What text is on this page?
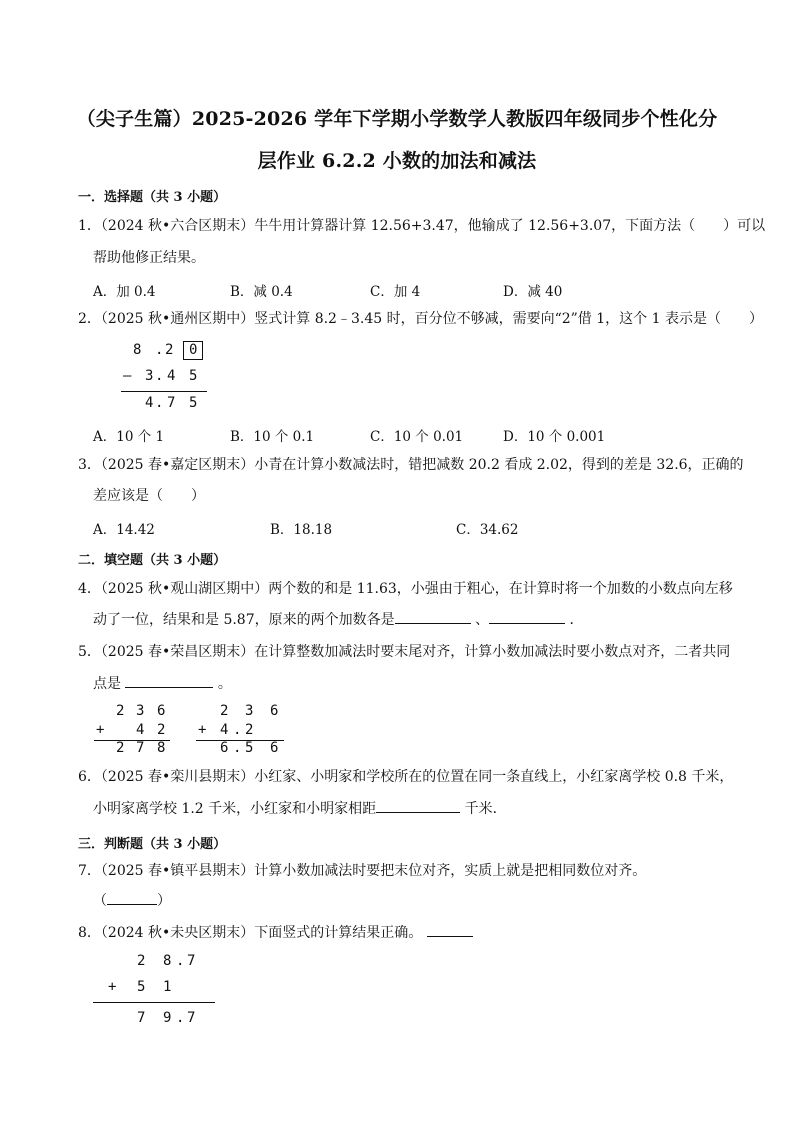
（尖子生篇）2025-2026 学年下学期小学数学人教版四年级同步个性化分
层作业 6.2.2 小数的加法和减法
一．选择题（共 3 小题）
1．（2024 秋•六合区期末）牛牛用计算器计算 12.56+3.47，他输成了 12.56+3.07，下面方法（　　）可以
帮助他修正结果。
A．加 0.4	B．减 0.4	C．加 4	D．减 40
2．（2025 秋•通州区期中）竖式计算 8.2﹣3.45 时，百分位不够减，需要向“2”借 1，这个 1 表示是（　　）
8 . 2 0
— 3 . 4 5
4 . 7 5
A．10 个 1	B．10 个 0.1	C．10 个 0.01	D．10 个 0.001
3．（2025 春•嘉定区期末）小青在计算小数减法时，错把减数 20.2 看成 2.02，得到的差是 32.6，正确的
差应该是（　　）
A．14.42	B．18.18	C．34.62
二．填空题（共 3 小题）
4．（2025 秋•观山湖区期中）两个数的和是 11.63，小强由于粗心，在计算时将一个加数的小数点向左移
动了一位，结果和是 5.87，原来的两个加数各是	、	．
5．（2025 春•荣昌区期末）在计算整数加减法时要末尾对齐，计算小数加减法时要小数点对齐，二者共同
点是	。
2 3 6
+ 4 2
2 7 8
2 3 6
+ 4 . 2
6 . 5 6
6．（2025 春•栾川县期末）小红家、小明家和学校所在的位置在同一条直线上，小红家离学校 0.8 千米，
小明家离学校 1.2 千米，小红家和小明家相距	千米．
三．判断题（共 3 小题）
7．（2025 春•镇平县期末）计算小数加减法时要把末位对齐，实质上就是把相同数位对齐。
（	）
8．（2024 秋•未央区期末）下面竖式的计算结果正确。
2 8 . 7
+ 5 1
7 9 . 7
